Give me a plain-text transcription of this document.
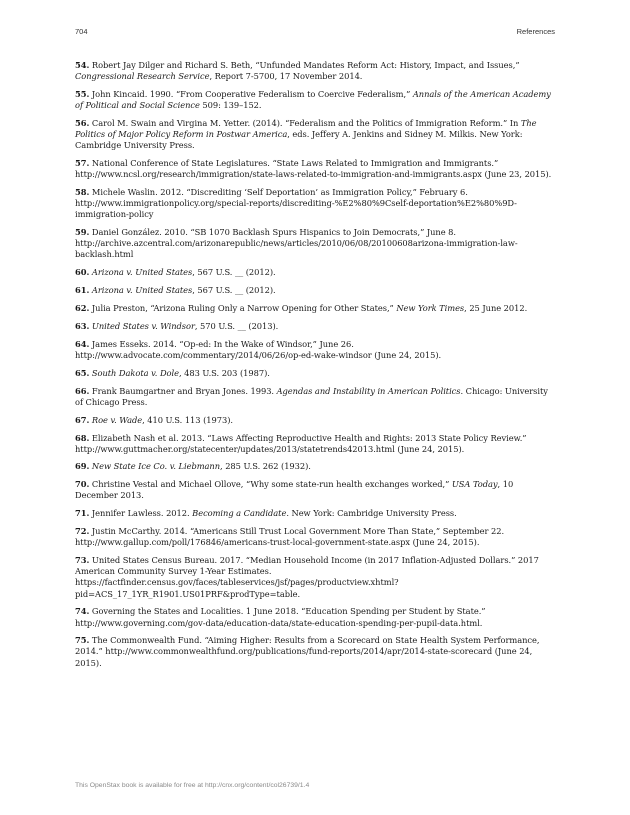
704	References

54. Robert Jay Dilger and Richard S. Beth, “Unfunded Mandates Reform Act: History, Impact, and Issues,” Congressional Research Service, Report 7-5700, 17 November 2014.

55. John Kincaid. 1990. “From Cooperative Federalism to Coercive Federalism,” Annals of the American Academy of Political and Social Science 509: 139–152.

56. Carol M. Swain and Virgina M. Yetter. (2014). “Federalism and the Politics of Immigration Reform.” In The Politics of Major Policy Reform in Postwar America, eds. Jeffery A. Jenkins and Sidney M. Milkis. New York: Cambridge University Press.

57. National Conference of State Legislatures. “State Laws Related to Immigration and Immigrants.” http://www.ncsl.org/research/immigration/state-laws-related-to-immigration-and-immigrants.aspx (June 23, 2015).

58. Michele Waslin. 2012. “Discrediting ‘Self Deportation’ as Immigration Policy,” February 6. http://www.immigrationpolicy.org/special-reports/discrediting-%E2%80%9Cself-deportation%E2%80%9D-immigration-policy

59. Daniel González. 2010. “SB 1070 Backlash Spurs Hispanics to Join Democrats,” June 8. http://archive.azcentral.com/arizonarepublic/news/articles/2010/06/08/20100608arizona-immigration-law-backlash.html

60. Arizona v. United States, 567 U.S. __ (2012).

61. Arizona v. United States, 567 U.S. __ (2012).

62. Julia Preston, “Arizona Ruling Only a Narrow Opening for Other States,” New York Times, 25 June 2012.

63. United States v. Windsor, 570 U.S. __ (2013).

64. James Esseks. 2014. “Op-ed: In the Wake of Windsor,” June 26. http://www.advocate.com/commentary/2014/06/26/op-ed-wake-windsor (June 24, 2015).

65. South Dakota v. Dole, 483 U.S. 203 (1987).

66. Frank Baumgartner and Bryan Jones. 1993. Agendas and Instability in American Politics. Chicago: University of Chicago Press.

67. Roe v. Wade, 410 U.S. 113 (1973).

68. Elizabeth Nash et al. 2013. “Laws Affecting Reproductive Health and Rights: 2013 State Policy Review.” http://www.guttmacher.org/statecenter/updates/2013/statetrends42013.html (June 24, 2015).

69. New State Ice Co. v. Liebmann, 285 U.S. 262 (1932).

70. Christine Vestal and Michael Ollove, “Why some state-run health exchanges worked,” USA Today, 10 December 2013.

71. Jennifer Lawless. 2012. Becoming a Candidate. New York: Cambridge University Press.

72. Justin McCarthy. 2014. “Americans Still Trust Local Government More Than State,” September 22. http://www.gallup.com/poll/176846/americans-trust-local-government-state.aspx (June 24, 2015).

73. United States Census Bureau. 2017. “Median Household Income (in 2017 Inflation-Adjusted Dollars.” 2017 American Community Survey 1-Year Estimates. https://factfinder.census.gov/faces/tableservices/jsf/pages/productview.xhtml?pid=ACS_17_1YR_R1901.US01PRF&prodType=table.

74. Governing the States and Localities. 1 June 2018. “Education Spending per Student by State.” http://www.governing.com/gov-data/education-data/state-education-spending-per-pupil-data.html.

75. The Commonwealth Fund. “Aiming Higher: Results from a Scorecard on State Health System Performance, 2014.” http://www.commonwealthfund.org/publications/fund-reports/2014/apr/2014-state-scorecard (June 24, 2015).

This OpenStax book is available for free at http://cnx.org/content/col26739/1.4
